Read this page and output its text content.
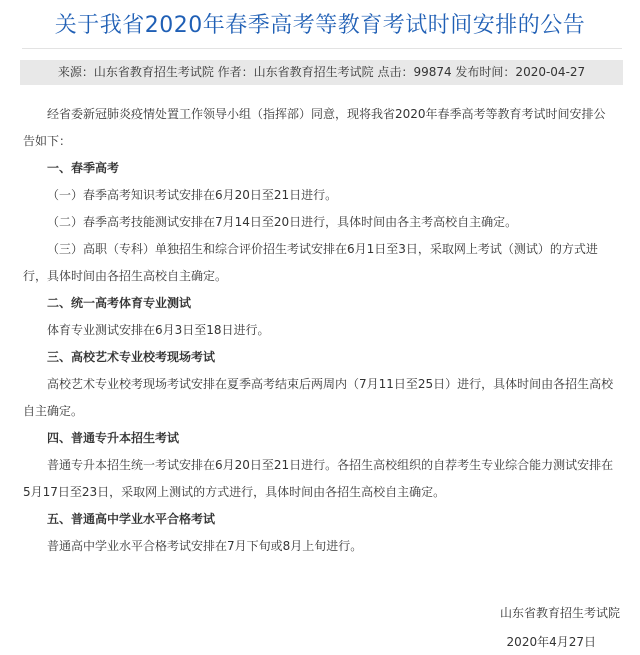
关于我省2020年春季高考等教育考试时间安排的公告
来源：山东省教育招生考试院 作者：山东省教育招生考试院 点击：99874 发布时间：2020-04-27

经省委新冠肺炎疫情处置工作领导小组（指挥部）同意，现将我省2020年春季高考等教育考试时间安排公告如下：

一、春季高考

（一）春季高考知识考试安排在6月20日至21日进行。

（二）春季高考技能测试安排在7月14日至20日进行，具体时间由各主考高校自主确定。

（三）高职（专科）单独招生和综合评价招生考试安排在6月1日至3日，采取网上考试（测试）的方式进行，具体时间由各招生高校自主确定。

二、统一高考体育专业测试

体育专业测试安排在6月3日至18日进行。

三、高校艺术专业校考现场考试

高校艺术专业校考现场考试安排在夏季高考结束后两周内（7月11日至25日）进行，具体时间由各招生高校自主确定。

四、普通专升本招生考试

普通专升本招生统一考试安排在6月20日至21日进行。各招生高校组织的自荐考生专业综合能力测试安排在5月17日至23日，采取网上测试的方式进行，具体时间由各招生高校自主确定。

五、普通高中学业水平合格考试

普通高中学业水平合格考试安排在7月下旬或8月上旬进行。

山东省教育招生考试院
2020年4月27日
